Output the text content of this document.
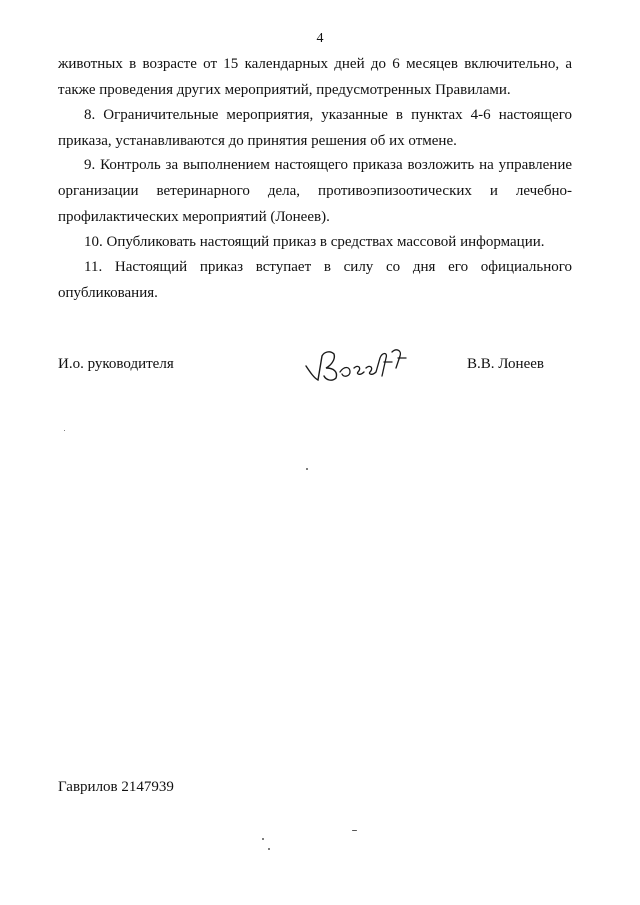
4

животных в возрасте от 15 календарных дней до 6 месяцев включительно, а также проведения других мероприятий, предусмотренных Правилами.

8. Ограничительные мероприятия, указанные в пунктах 4-6 настоящего приказа, устанавливаются до принятия решения об их отмене.

9. Контроль за выполнением настоящего приказа возложить на управление организации ветеринарного дела, противоэпизоотических и лечебно-профилактических мероприятий (Лонеев).

10. Опубликовать настоящий приказ в средствах массовой информации.

11. Настоящий приказ вступает в силу со дня его официального опубликования.

И.о. руководителя	В.В. Лонеев
Гаврилов 2147939
